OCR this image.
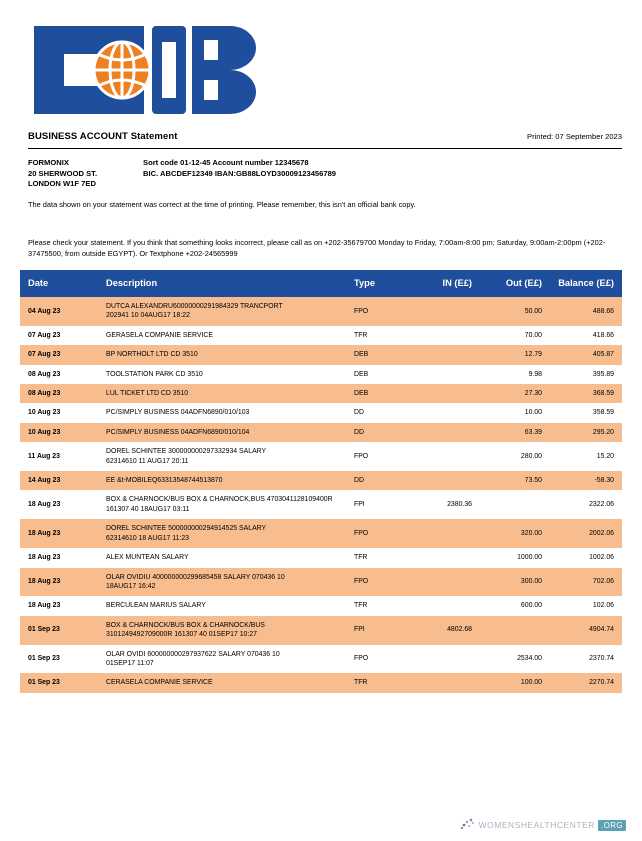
BUSINESS ACCOUNT Statement	Printed: 07 September 2023
FORMONIX
20 SHERWOOD ST.
LONDON W1F 7ED
Sort code 01-12-45 Account number 12345678
BIC. ABCDEF12349 IBAN:GB88LOYD30009123456789
The data shown on your statement was correct at the time of printing. Please remember, this isn't an official bank copy.
Please check your statement. If you think that something looks incorrect, please call as on +202-35679700 Monday to Friday, 7:00am-8:00 pm; Saturday, 9:00am-2:00pm (+202-37475500, from outside EGYPT). Or Textphone +202-24565999
Date	Description	Type	IN (E£)	Out (E£)	Balance (E£)
04 Aug 23	DUTCA ALEXANDRU60000000291984329 TRANCPORT
202941 10 04AUG17 18:22	FPO		50.00	488.66
07 Aug 23	GERASELA COMPANIE SERVICE	TFR		70.00	418.66
07 Aug 23	BP NORTHOLT LTD CD 3510	DEB		12.79	405.87
08 Aug 23	TOOLSTATION PARK CD 3510	DEB		9.98	395.89
08 Aug 23	LUL TICKET LTD CD 3510	DEB		27.30	368.59
10 Aug 23	PC/SIMPLY BUSINESS 04ADFN6890/010/103	DD		10.00	358.59
10 Aug 23	PC/SIMPLY BUSINESS 04ADFN6890/010/104	DD		63.39	295.20
11 Aug 23	DOREL SCHINTEE 300000000297332934 SALARY
62314610 11 AUG17 20:11	FPO		280.00	15.20
14 Aug 23	EE &t-MOBILEQ63313548744513870	DD		73.50	-58.30
18 Aug 23	BOX & CHARNOCK/BUS BOX & CHARNOCK,BUS 4703041128109400R
161307 40 18AUG17 03:11	FPI	2380.36		2322.06
18 Aug 23	DOREL SCHINTEE 500000000294914525 SALARY
62314610 18 AUG17 11:23	FPO		320.00	2002.06
18 Aug 23	ALEX MUNTEAN SALARY	TFR		1000.00	1002.06
18 Aug 23	OLAR OVIDIU 400000000299685458 SALARY 070436 10
18AUG17 16:42	FPO		300.00	702.06
18 Aug 23	BERCULEAN MARIUS SALARY	TFR		600.00	102.06
01 Sep 23	BOX & CHARNOCK/BUS BOX & CHARNOCK/BUS
3101249492709000R 161307 40 01SEP17 10:27	FPI	4802.68		4904.74
01 Sep 23	OLAR OVIDI 600000000297937622 SALARY 070436 10
01SEP17 11:07	FPO		2534.00	2370.74
01 Sep 23	CERASELA COMPANIE SERVICE	TFR		100.00	2270.74
WOMENSHEALTHCENTER .ORG
